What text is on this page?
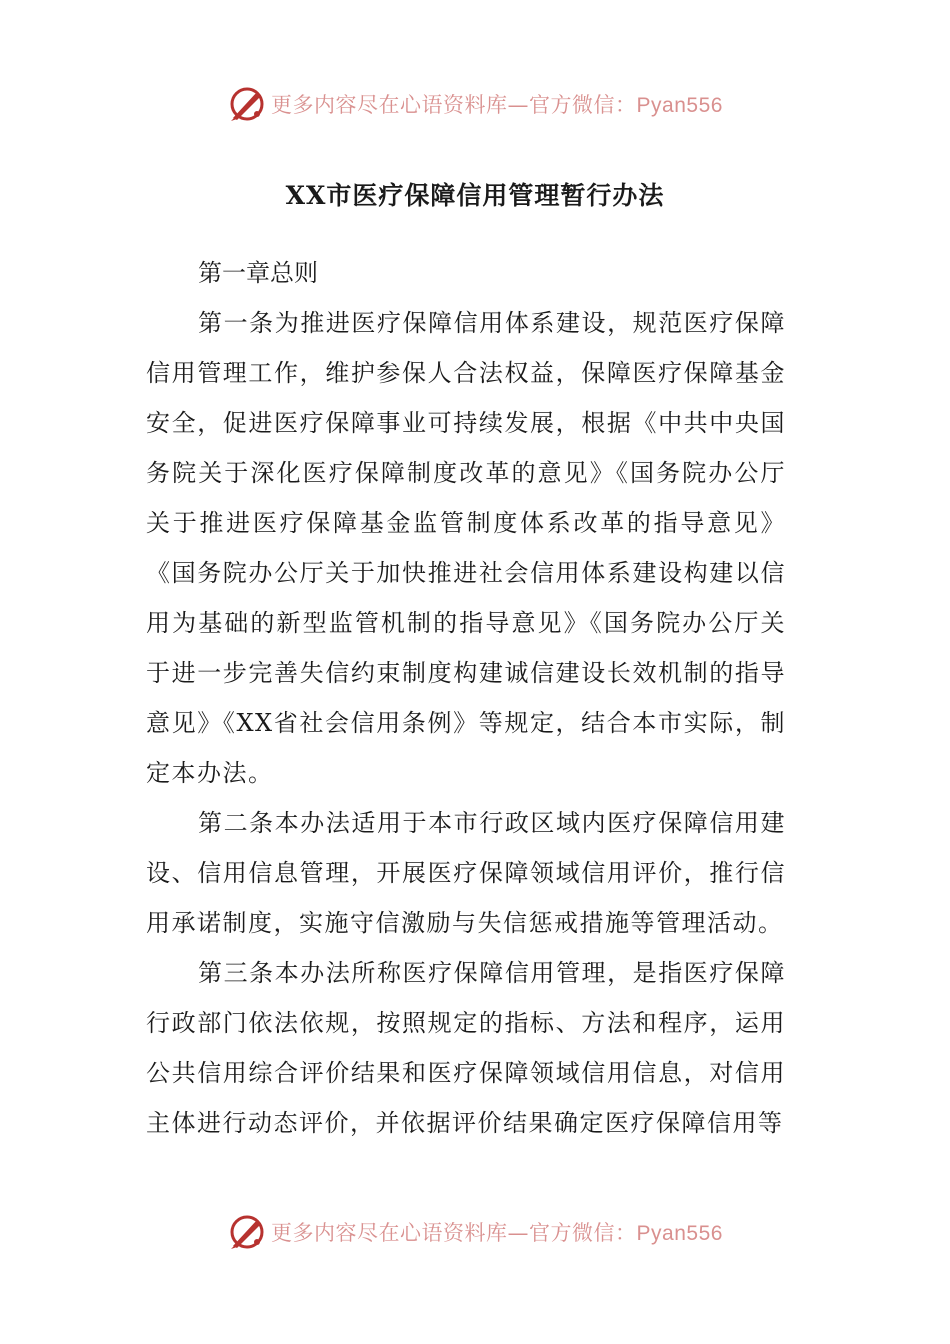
更多内容尽在心语资料库—官方微信：Pyan556
XX市医疗保障信用管理暂行办法

第一章总则

第一条为推进医疗保障信用体系建设，规范医疗保障信用管理工作，维护参保人合法权益，保障医疗保障基金安全，促进医疗保障事业可持续发展，根据《中共中央国务院关于深化医疗保障制度改革的意见》《国务院办公厅关于推进医疗保障基金监管制度体系改革的指导意见》《国务院办公厅关于加快推进社会信用体系建设构建以信用为基础的新型监管机制的指导意见》《国务院办公厅关于进一步完善失信约束制度构建诚信建设长效机制的指导意见》《XX省社会信用条例》等规定，结合本市实际，制定本办法。

第二条本办法适用于本市行政区域内医疗保障信用建设、信用信息管理，开展医疗保障领域信用评价，推行信用承诺制度，实施守信激励与失信惩戒措施等管理活动。

第三条本办法所称医疗保障信用管理，是指医疗保障行政部门依法依规，按照规定的指标、方法和程序，运用公共信用综合评价结果和医疗保障领域信用信息，对信用主体进行动态评价，并依据评价结果确定医疗保障信用等

更多内容尽在心语资料库—官方微信：Pyan556
